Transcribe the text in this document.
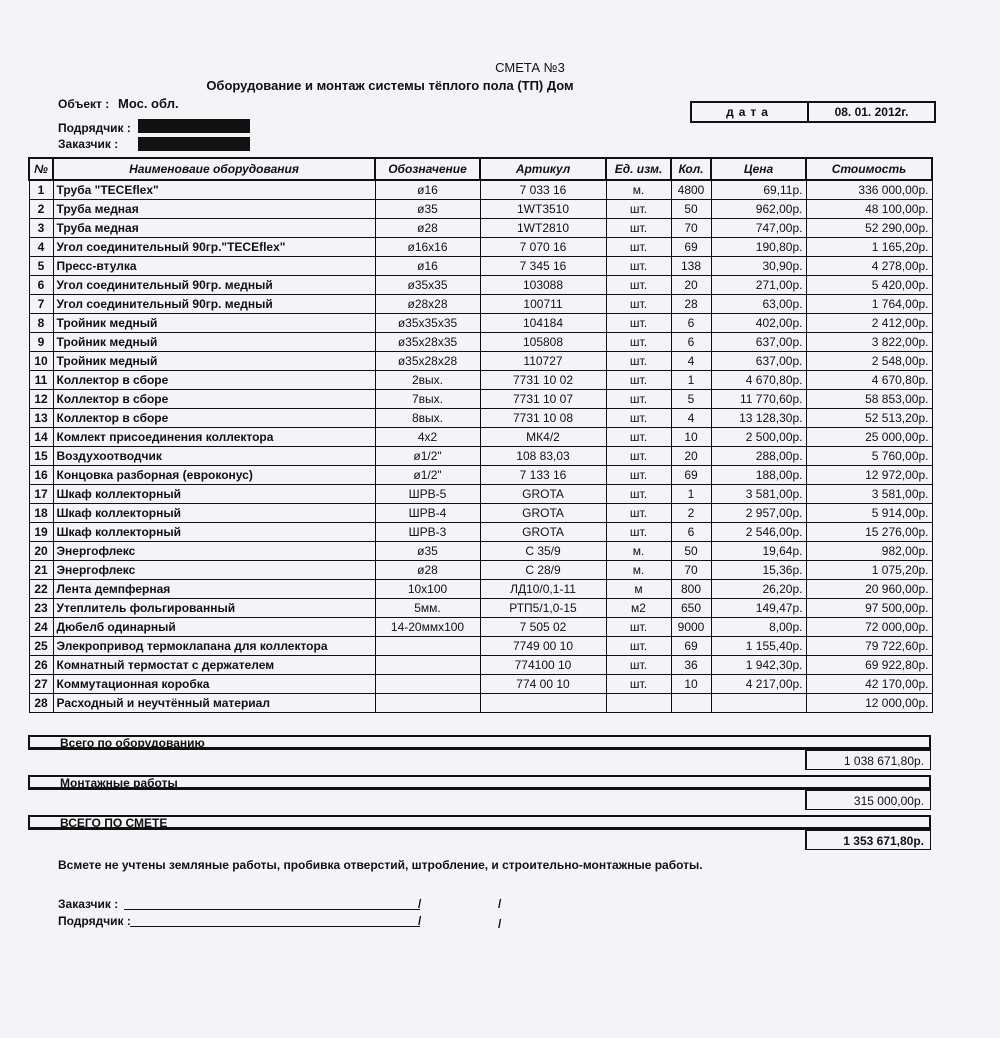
СМЕТА №3
Оборудование и монтаж системы тёплого пола (ТП) Дом
Объект : Мос. обл.
Подрядчик :
Заказчик :
дата	08. 01. 2012г.
№	Наименоваие оборудования	Обозначение	Артикул	Ед. изм.	Кол.	Цена	Стоимость
1	Труба "TECEflex"	ø16	7 033 16	м.	4800	69,11р.	336 000,00р.
2	Труба медная	ø35	1WT3510	шт.	50	962,00р.	48 100,00р.
3	Труба медная	ø28	1WT2810	шт.	70	747,00р.	52 290,00р.
4	Угол соединительный 90гр."TECEflex"	ø16х16	7 070 16	шт.	69	190,80р.	1 165,20р.
5	Пресс-втулка	ø16	7 345 16	шт.	138	30,90р.	4 278,00р.
6	Угол соединительный 90гр. медный	ø35х35	103088	шт.	20	271,00р.	5 420,00р.
7	Угол соединительный 90гр. медный	ø28х28	100711	шт.	28	63,00р.	1 764,00р.
8	Тройник медный	ø35х35х35	104184	шт.	6	402,00р.	2 412,00р.
9	Тройник медный	ø35х28х35	105808	шт.	6	637,00р.	3 822,00р.
10	Тройник медный	ø35х28х28	110727	шт.	4	637,00р.	2 548,00р.
11	Коллектор в сборе	2вых.	7731 10 02	шт.	1	4 670,80р.	4 670,80р.
12	Коллектор в сборе	7вых.	7731 10 07	шт.	5	11 770,60р.	58 853,00р.
13	Коллектор в сборе	8вых.	7731 10 08	шт.	4	13 128,30р.	52 513,20р.
14	Комлект присоединения коллектора	4х2	МК4/2	шт.	10	2 500,00р.	25 000,00р.
15	Воздухоотводчик	ø1/2"	108 83,03	шт.	20	288,00р.	5 760,00р.
16	Концовка разборная (евроконус)	ø1/2"	7 133 16	шт.	69	188,00р.	12 972,00р.
17	Шкаф коллекторный	ШРВ-5	GROTA	шт.	1	3 581,00р.	3 581,00р.
18	Шкаф коллекторный	ШРВ-4	GROTA	шт.	2	2 957,00р.	5 914,00р.
19	Шкаф коллекторный	ШРВ-3	GROTA	шт.	6	2 546,00р.	15 276,00р.
20	Энергофлекс	ø35	С 35/9	м.	50	19,64р.	982,00р.
21	Энергофлекс	ø28	С 28/9	м.	70	15,36р.	1 075,20р.
22	Лента демпферная	10х100	ЛД10/0,1-11	м	800	26,20р.	20 960,00р.
23	Утеплитель фольгированный	5мм.	РТП5/1,0-15	м2	650	149,47р.	97 500,00р.
24	Дюбелб одинарный	14-20ммх100	7 505 02	шт.	9000	8,00р.	72 000,00р.
25	Элекропривод термоклапана для коллектора		7749 00 10	шт.	69	1 155,40р.	79 722,60р.
26	Комнатный термостат с держателем		774100 10	шт.	36	1 942,30р.	69 922,80р.
27	Коммутационная коробка		774 00 10	шт.	10	4 217,00р.	42 170,00р.
28	Расходный и неучтённый материал						12 000,00р.
Всего по оборудованию
1 038 671,80р.
Монтажные работы
315 000,00р.
ВСЕГО ПО СМЕТЕ
1 353 671,80р.
Всмете не учтены земляные работы, пробивка отверстий, штробление, и строительно-монтажные работы.
Заказчик :	/	/
Подрядчик :	/	/
